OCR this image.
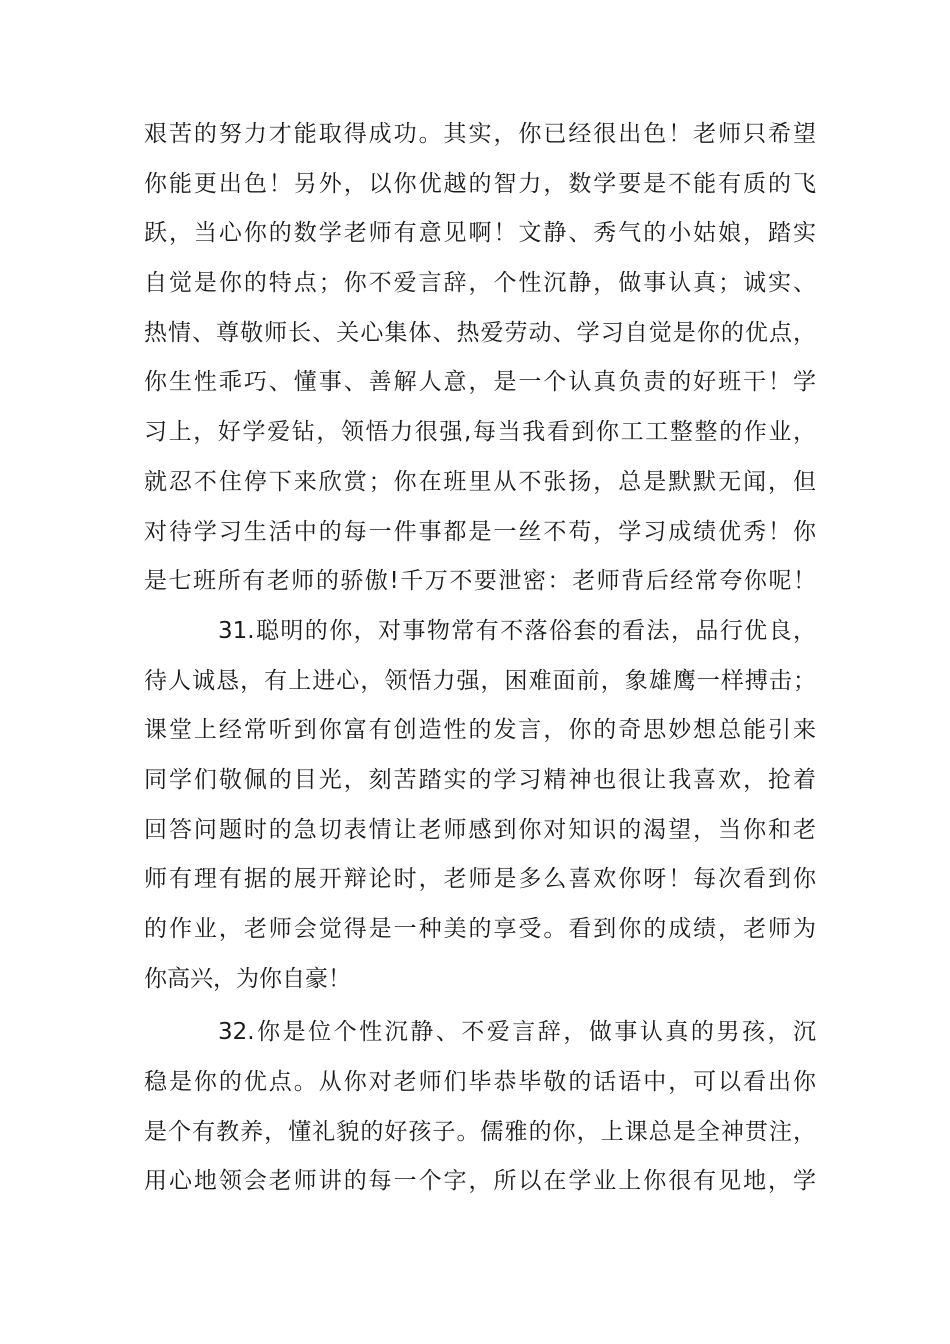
艰苦的努力才能取得成功。其实，你已经很出色！老师只希望
你能更出色！另外，以你优越的智力，数学要是不能有质的飞
跃，当心你的数学老师有意见啊！文静、秀气的小姑娘，踏实
自觉是你的特点；你不爱言辞，个性沉静，做事认真；诚实、
热情、尊敬师长、关心集体、热爱劳动、学习自觉是你的优点，
你生性乖巧、懂事、善解人意，是一个认真负责的好班干！学
习上，好学爱钻，领悟力很强,每当我看到你工工整整的作业，
就忍不住停下来欣赏；你在班里从不张扬，总是默默无闻，但
对待学习生活中的每一件事都是一丝不苟，学习成绩优秀！你
是七班所有老师的骄傲!千万不要泄密：老师背后经常夸你呢！
31.聪明的你，对事物常有不落俗套的看法，品行优良，
待人诚恳，有上进心，领悟力强，困难面前，象雄鹰一样搏击；
课堂上经常听到你富有创造性的发言，你的奇思妙想总能引来
同学们敬佩的目光，刻苦踏实的学习精神也很让我喜欢，抢着
回答问题时的急切表情让老师感到你对知识的渴望，当你和老
师有理有据的展开辩论时，老师是多么喜欢你呀！每次看到你
的作业，老师会觉得是一种美的享受。看到你的成绩，老师为
你高兴，为你自豪！
32.你是位个性沉静、不爱言辞，做事认真的男孩，沉
稳是你的优点。从你对老师们毕恭毕敬的话语中，可以看出你
是个有教养，懂礼貌的好孩子。儒雅的你，上课总是全神贯注，
用心地领会老师讲的每一个字，所以在学业上你很有见地，学
